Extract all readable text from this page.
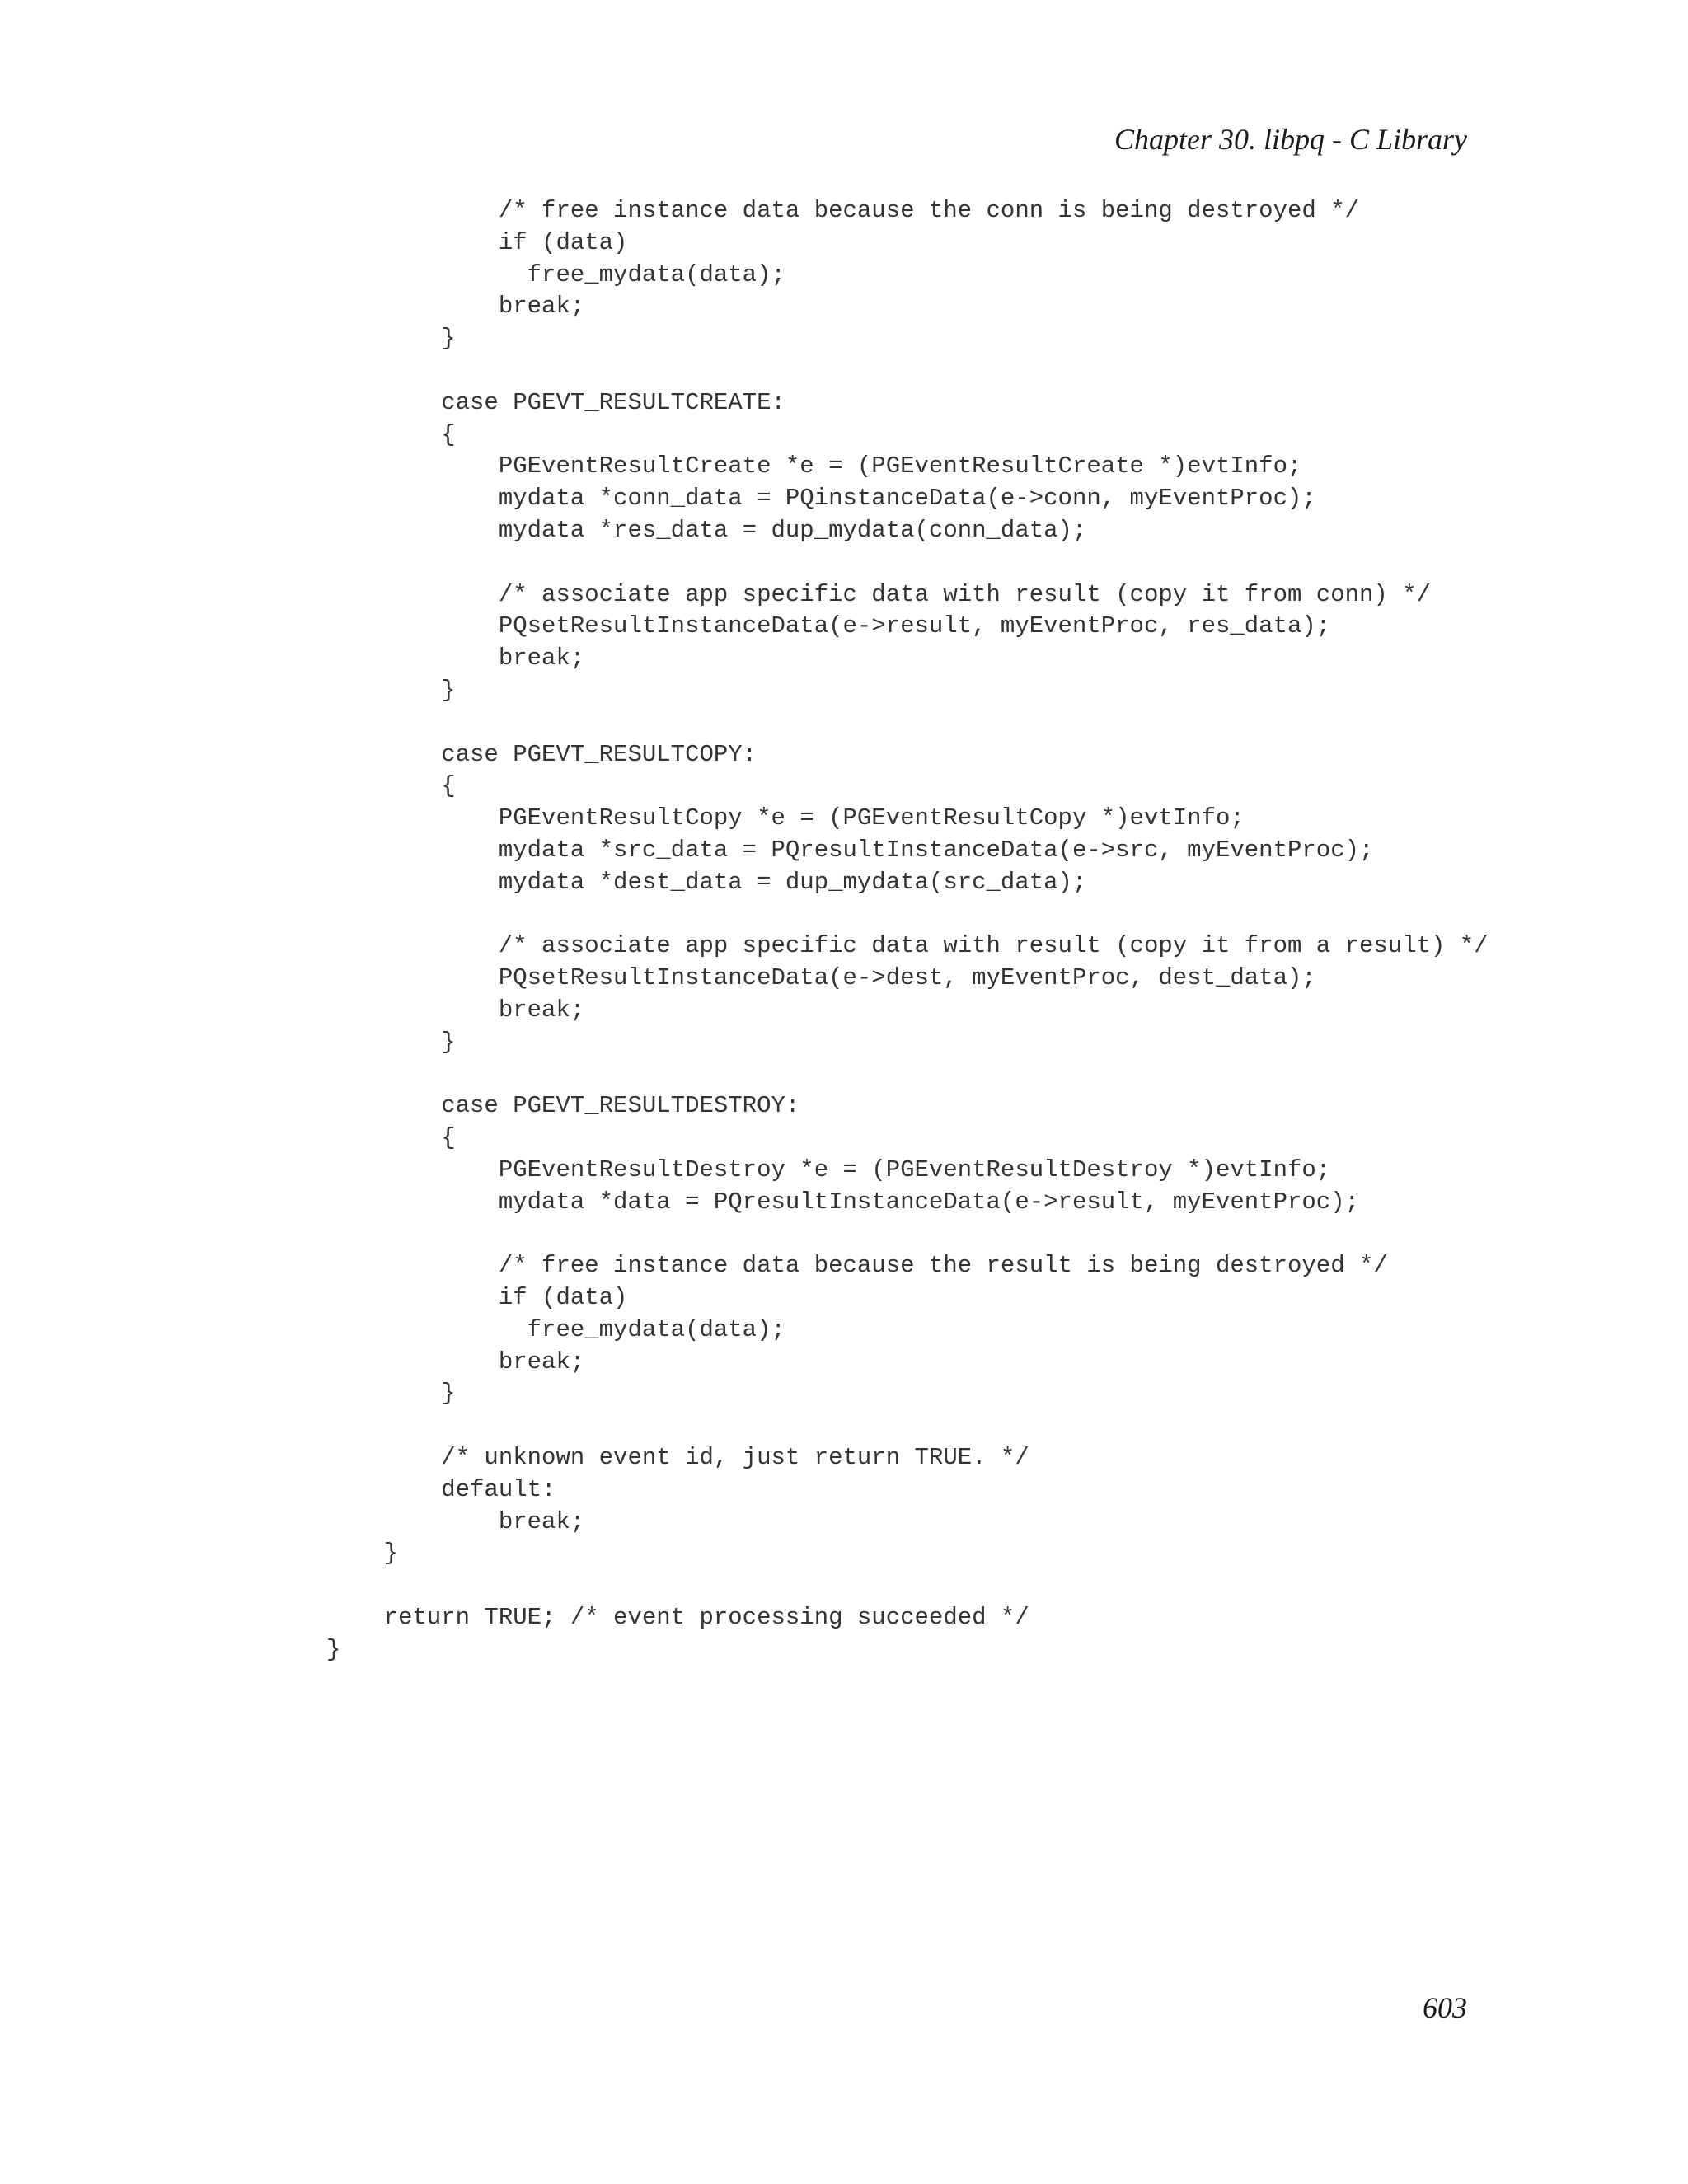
Chapter 30. libpq - C Library
/* free instance data because the conn is being destroyed */
if (data)
free_mydata(data);
break;
}
case PGEVT_RESULTCREATE:
{
PGEventResultCreate *e = (PGEventResultCreate *)evtInfo;
mydata *conn_data = PQinstanceData(e->conn, myEventProc);
mydata *res_data = dup_mydata(conn_data);
/* associate app specific data with result (copy it from conn) */
PQsetResultInstanceData(e->result, myEventProc, res_data);
break;
}
case PGEVT_RESULTCOPY:
{
PGEventResultCopy *e = (PGEventResultCopy *)evtInfo;
mydata *src_data = PQresultInstanceData(e->src, myEventProc);
mydata *dest_data = dup_mydata(src_data);
/* associate app specific data with result (copy it from a result) */
PQsetResultInstanceData(e->dest, myEventProc, dest_data);
break;
}
case PGEVT_RESULTDESTROY:
{
PGEventResultDestroy *e = (PGEventResultDestroy *)evtInfo;
mydata *data = PQresultInstanceData(e->result, myEventProc);
/* free instance data because the result is being destroyed */
if (data)
free_mydata(data);
break;
}
/* unknown event id, just return TRUE. */
default:
break;
}
return TRUE; /* event processing succeeded */
}
603
